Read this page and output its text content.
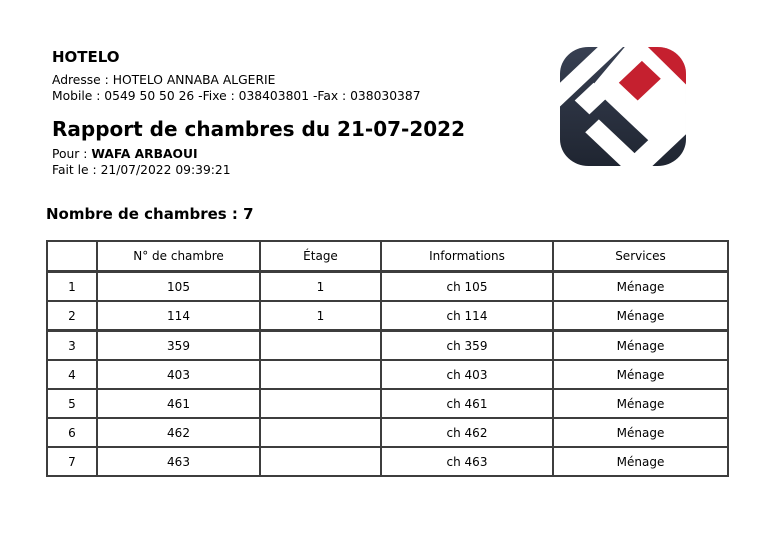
HOTELO

Adresse : HOTELO ANNABA ALGERIE

Mobile : 0549 50 50 26 -Fixe : 038403801 -Fax : 038030387

Rapport de chambres du 21-07-2022

Pour : WAFA ARBAOUI

Fait le : 21/07/2022 09:39:21

Nombre de chambres : 7
	N° de chambre	Étage	Informations	Services
1	105	1	ch 105	Ménage
2	114	1	ch 114	Ménage
3	359		ch 359	Ménage
4	403		ch 403	Ménage
5	461		ch 461	Ménage
6	462		ch 462	Ménage
7	463		ch 463	Ménage
